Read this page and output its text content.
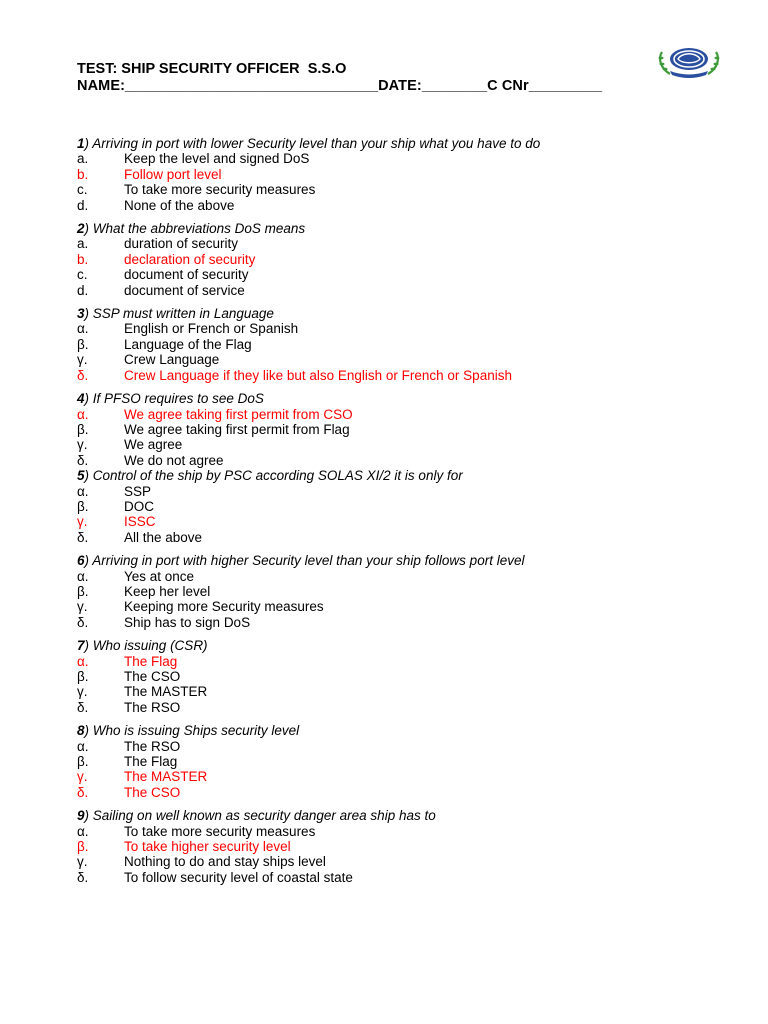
TEST: SHIP SECURITY OFFICER  S.S.O
NAME:_______________________________DATE:________C CNr_________
1) Arriving in port with lower Security level than your ship what you have to do
a.	Keep the level and signed DoS
b.	Follow port level
c.	To take more security measures
d.	None of the above
2) What the abbreviations DoS means
a.	duration of security
b.	declaration of security
c.	document of security
d.	document of service
3) SSP must written in Language
α.	English or French or Spanish
β.	Language of the Flag
γ.	Crew Language
δ.	Crew Language if they like but also English or French or Spanish
4) If PFSO requires to see DoS
α.	We agree taking first permit from CSO
β.	We agree taking first permit from Flag
γ.	We agree
δ.	We do not agree
5) Control of the ship by PSC according SOLAS XI/2 it is only for
α.	SSP
β.	DOC
γ.	ISSC
δ.	All the above
6) Arriving in port with higher Security level than your ship follows port level
α.	Yes at once
β.	Keep her level
γ.	Keeping more Security measures
δ.	Ship has to sign DoS
7) Who issuing (CSR)
α.	The Flag
β.	The CSO
γ.	The MASTER
δ.	The RSO
8) Who is issuing Ships security level
α.	The RSO
β.	The Flag
γ.	The MASTER
δ.	The CSO
9) Sailing on well known as security danger area ship has to
α.	To take more security measures
β.	To take higher security level
γ.	Nothing to do and stay ships level
δ.	To follow security level of coastal state
